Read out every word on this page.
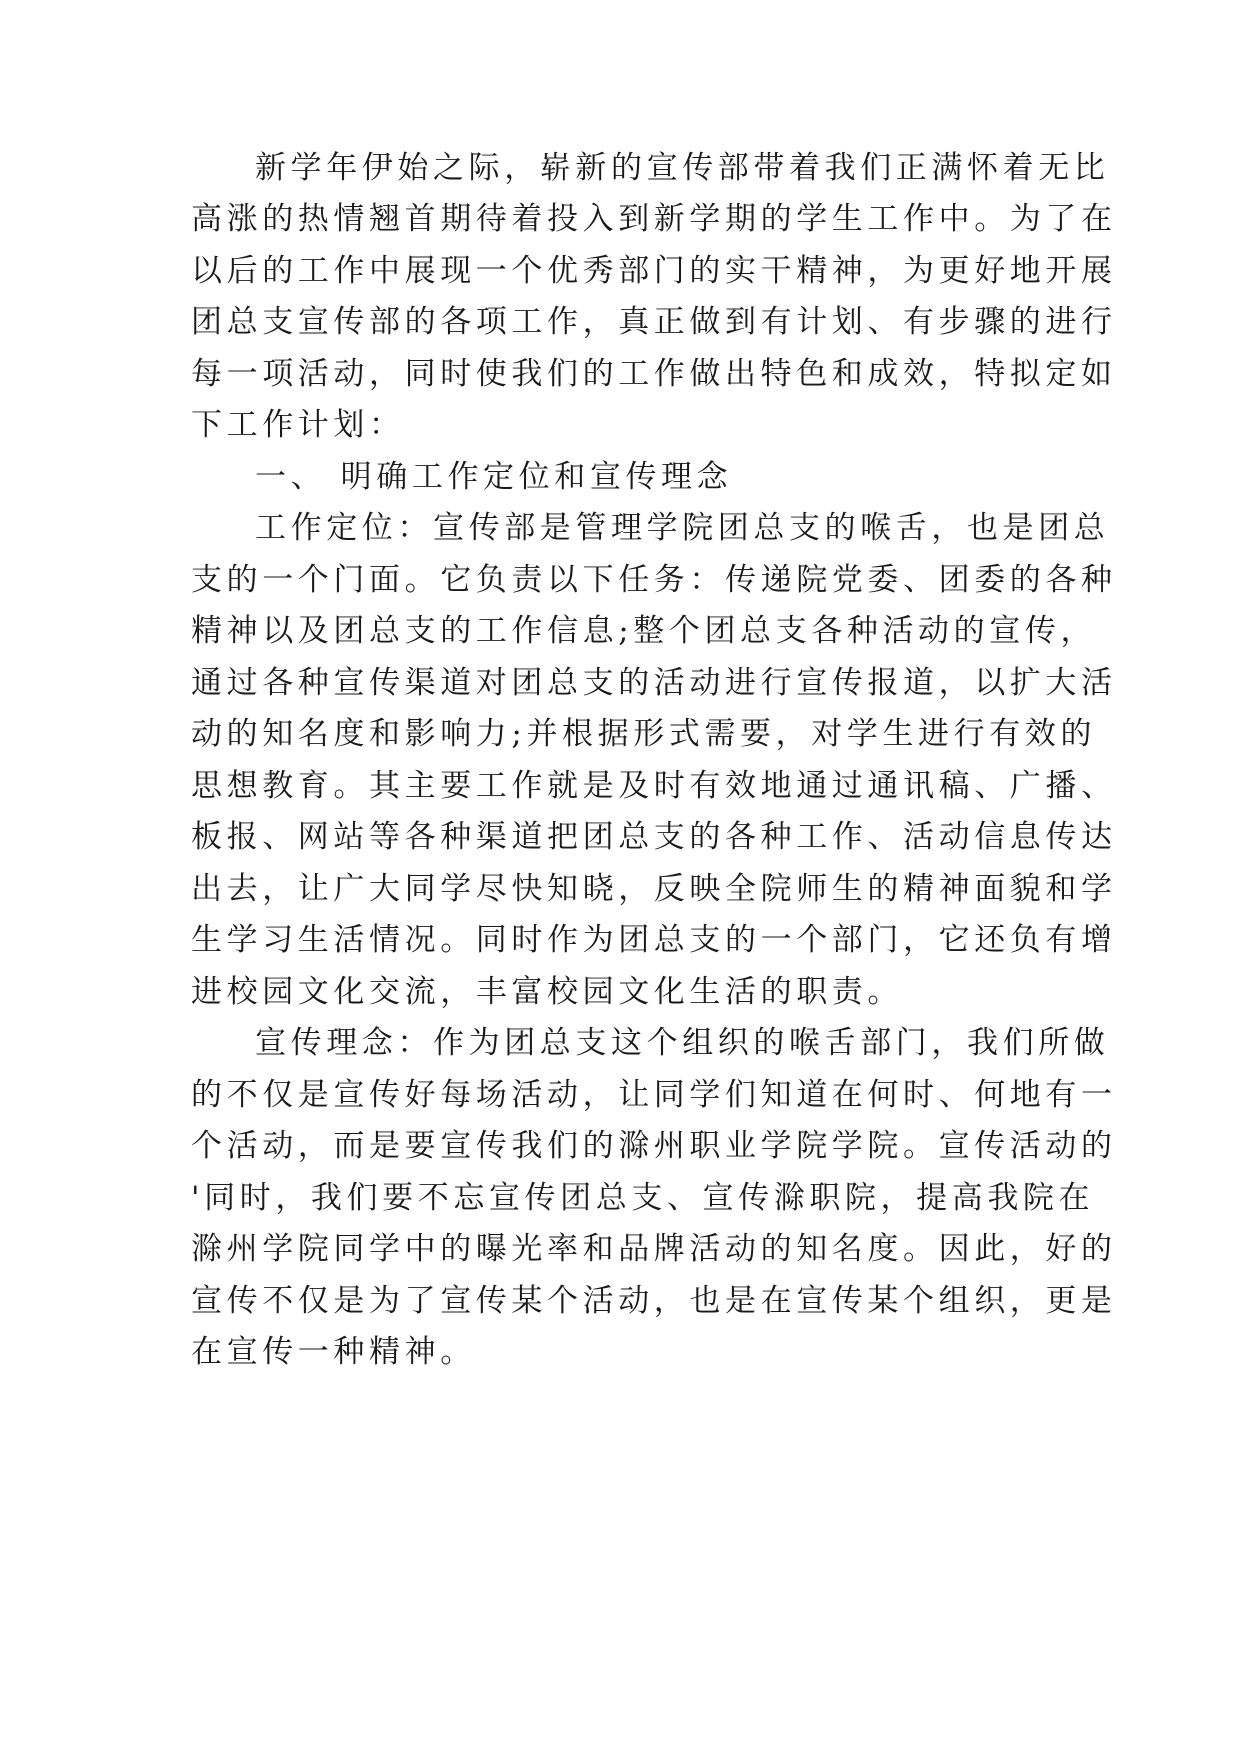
新学年伊始之际，崭新的宣传部带着我们正满怀着无比
高涨的热情翘首期待着投入到新学期的学生工作中。为了在
以后的工作中展现一个优秀部门的实干精神，为更好地开展
团总支宣传部的各项工作，真正做到有计划、有步骤的进行
每一项活动，同时使我们的工作做出特色和成效，特拟定如
下工作计划：
一、 明确工作定位和宣传理念
工作定位：宣传部是管理学院团总支的喉舌，也是团总
支的一个门面。它负责以下任务：传递院党委、团委的各种
精神以及团总支的工作信息;整个团总支各种活动的宣传，
通过各种宣传渠道对团总支的活动进行宣传报道，以扩大活
动的知名度和影响力;并根据形式需要，对学生进行有效的
思想教育。其主要工作就是及时有效地通过通讯稿、广播、
板报、网站等各种渠道把团总支的各种工作、活动信息传达
出去，让广大同学尽快知晓，反映全院师生的精神面貌和学
生学习生活情况。同时作为团总支的一个部门，它还负有增
进校园文化交流，丰富校园文化生活的职责。
宣传理念：作为团总支这个组织的喉舌部门，我们所做
的不仅是宣传好每场活动，让同学们知道在何时、何地有一
个活动，而是要宣传我们的滁州职业学院学院。宣传活动的
'同时，我们要不忘宣传团总支、宣传滁职院，提高我院在
滁州学院同学中的曝光率和品牌活动的知名度。因此，好的
宣传不仅是为了宣传某个活动，也是在宣传某个组织，更是
在宣传一种精神。
